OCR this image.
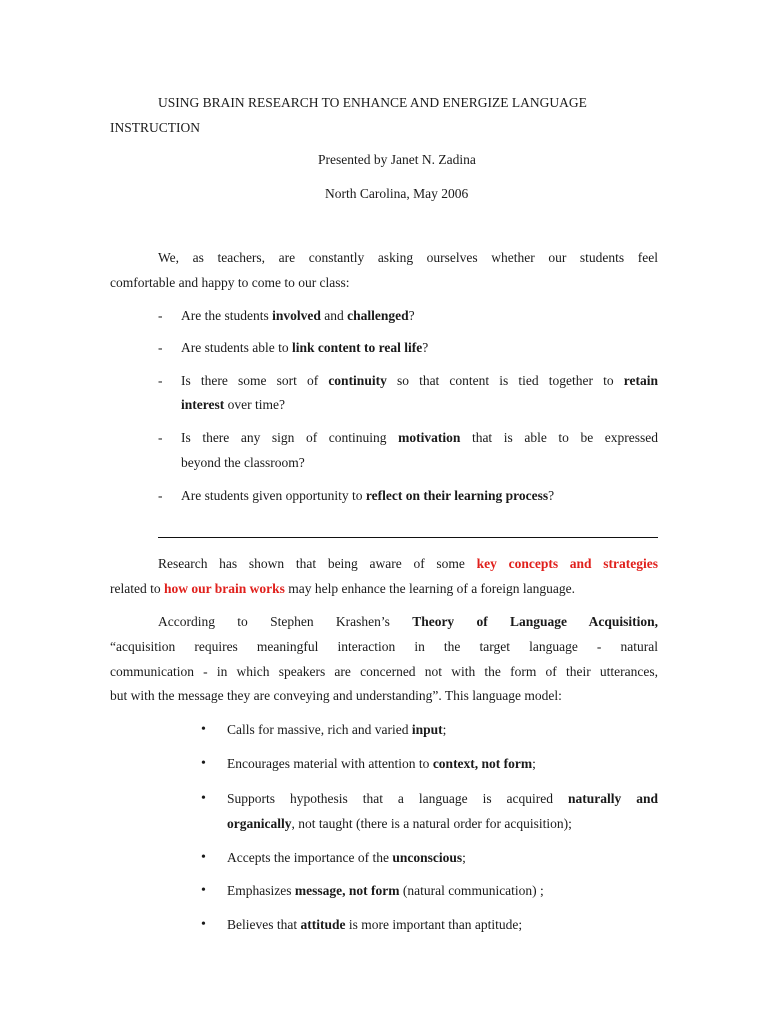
USING BRAIN RESEARCH TO ENHANCE AND ENERGIZE LANGUAGE
INSTRUCTION
Presented by Janet N. Zadina
North Carolina, May 2006
We, as teachers, are constantly asking ourselves whether our students feel
comfortable and happy to come to our class:
- Are the students involved and challenged?
- Are students able to link content to real life?
- Is there some sort of continuity so that content is tied together to retain
interest over time?
- Is there any sign of continuing motivation that is able to be expressed
beyond the classroom?
- Are students given opportunity to reflect on their learning process?
Research has shown that being aware of some key concepts and strategies
related to how our brain works may help enhance the learning of a foreign language.
According to Stephen Krashen’s Theory of Language Acquisition,
“acquisition requires meaningful interaction in the target language - natural
communication - in which speakers are concerned not with the form of their utterances,
but with the message they are conveying and understanding”. This language model:
• Calls for massive, rich and varied input;
• Encourages material with attention to context, not form;
• Supports hypothesis that a language is acquired naturally and
organically, not taught (there is a natural order for acquisition);
• Accepts the importance of the unconscious;
• Emphasizes message, not form (natural communication) ;
• Believes that attitude is more important than aptitude;
